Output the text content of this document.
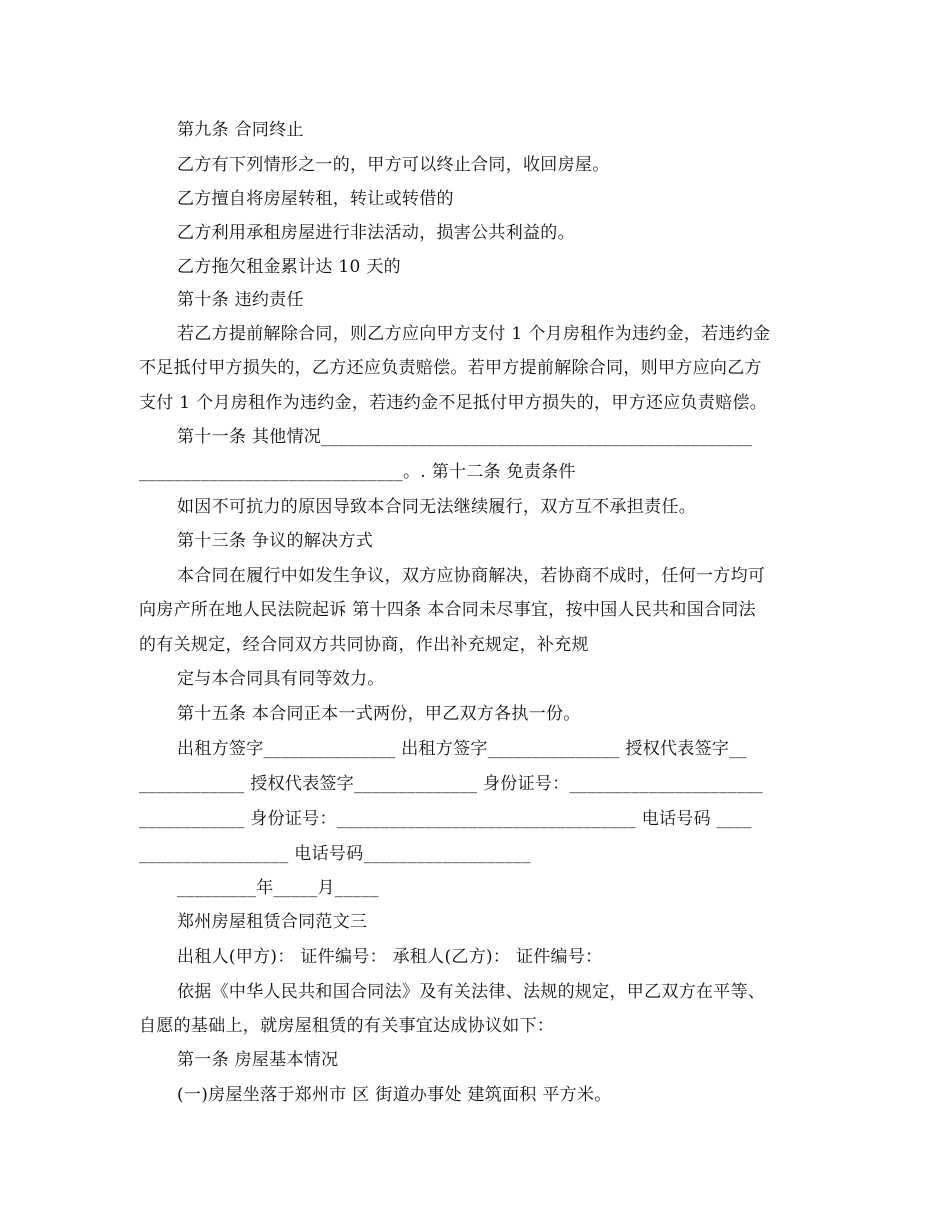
第九条 合同终止
乙方有下列情形之一的，甲方可以终止合同，收回房屋。
乙方擅自将房屋转租，转让或转借的
乙方利用承租房屋进行非法活动，损害公共利益的。
乙方拖欠租金累计达 10 天的
第十条 违约责任
若乙方提前解除合同，则乙方应向甲方支付 1 个月房租作为违约金，若违约金
不足抵付甲方损失的，乙方还应负责赔偿。若甲方提前解除合同，则甲方应向乙方
支付 1 个月房租作为违约金，若违约金不足抵付甲方损失的，甲方还应负责赔偿。
第十一条 其他情况_________________________________________________
______________________________。. 第十二条 免责条件
如因不可抗力的原因导致本合同无法继续履行，双方互不承担责任。
第十三条 争议的解决方式
本合同在履行中如发生争议，双方应协商解决，若协商不成时，任何一方均可
向房产所在地人民法院起诉 第十四条 本合同未尽事宜，按中国人民共和国合同法
的有关规定，经合同双方共同协商，作出补充规定，补充规
定与本合同具有同等效力。
第十五条 本合同正本一式两份，甲乙双方各执一份。
出租方签字_______________ 出租方签字_______________ 授权代表签字__
____________ 授权代表签字______________ 身份证号：______________________
____________ 身份证号：__________________________________ 电话号码 ____
_________________ 电话号码___________________
_________年_____月_____
郑州房屋租赁合同范文三
出租人(甲方)： 证件编号： 承租人(乙方)： 证件编号：
依据《中华人民共和国合同法》及有关法律、法规的规定，甲乙双方在平等、
自愿的基础上，就房屋租赁的有关事宜达成协议如下：
第一条 房屋基本情况
(一)房屋坐落于郑州市 区 街道办事处 建筑面积 平方米。
